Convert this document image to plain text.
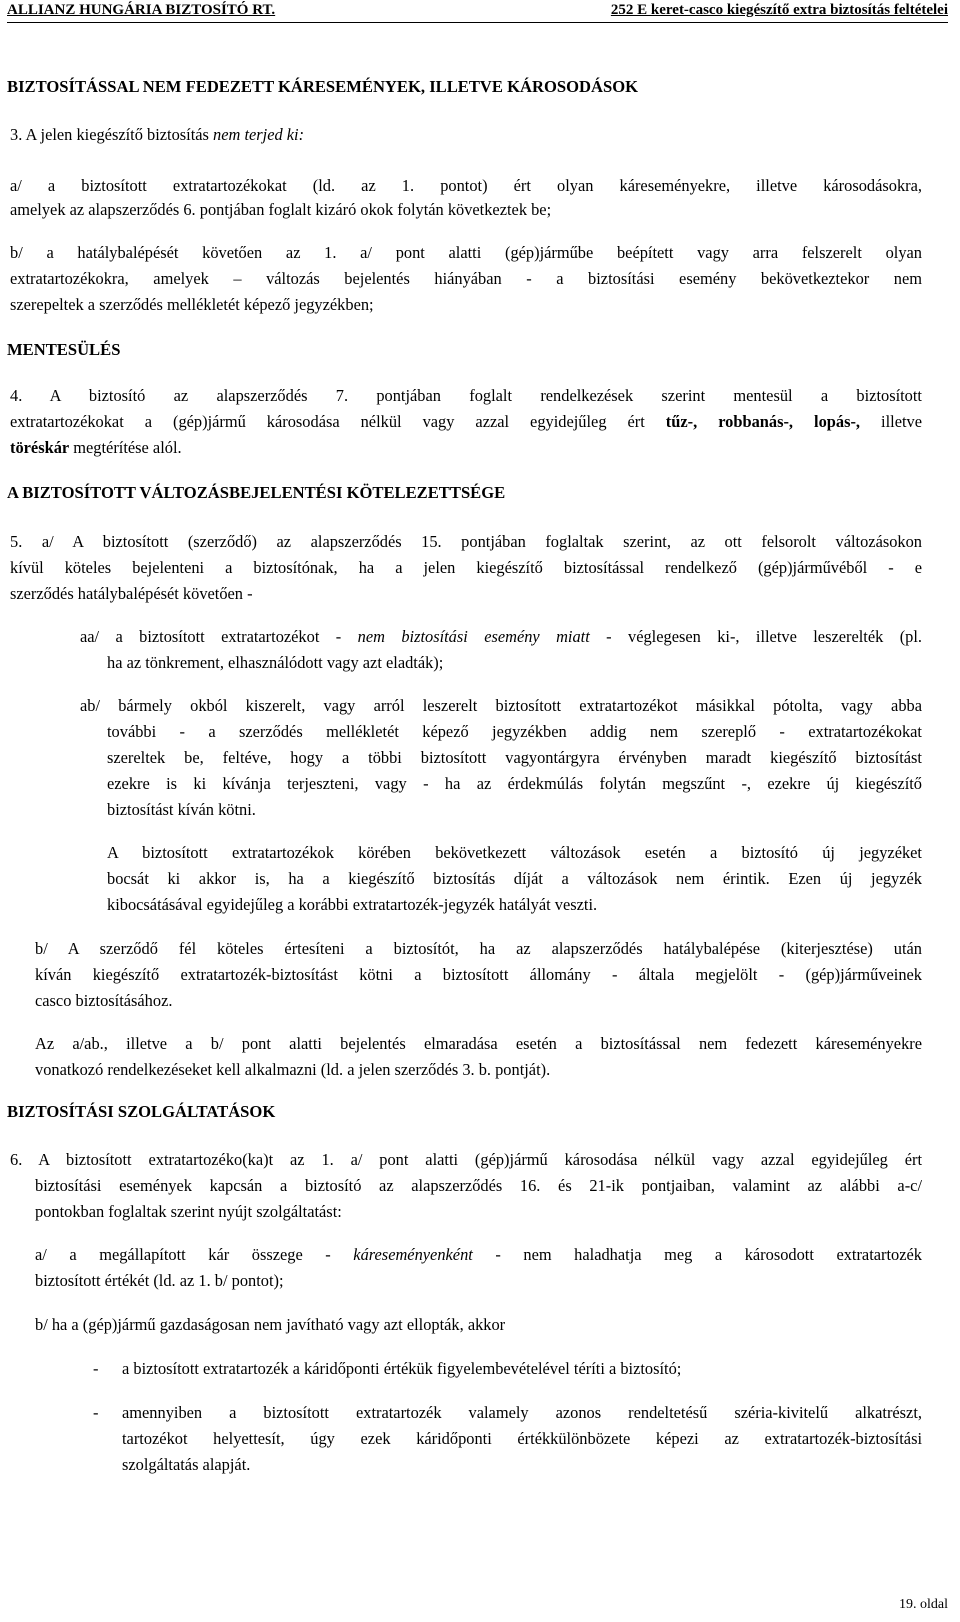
ALLIANZ HUNGÁRIA BIZTOSÍTÓ RT.	252 E keret-casco kiegészítő extra biztosítás feltételei
BIZTOSÍTÁSSAL NEM FEDEZETT KÁRESEMÉNYEK, ILLETVE KÁROSODÁSOK
3. A jelen kiegészítő biztosítás nem terjed ki:
a/ a biztosított extratartozékokat (ld. az 1. pontot) ért olyan káreseményekre, illetve károsodásokra,
amelyek az alapszerződés 6. pontjában foglalt kizáró okok folytán következtek be;
b/ a hatálybalépését követően az 1. a/ pont alatti (gép)járműbe beépített vagy arra felszerelt olyan
extratartozékokra, amelyek – változás bejelentés hiányában - a biztosítási esemény bekövetkeztekor nem
szerepeltek a szerződés mellékletét képező jegyzékben;
MENTESÜLÉS
4. A biztosító az alapszerződés 7. pontjában foglalt rendelkezések szerint mentesül a biztosított
extratartozékokat a (gép)jármű károsodása nélkül vagy azzal egyidejűleg ért tűz-, robbanás-, lopás-, illetve
töréskár megtérítése alól.
A BIZTOSÍTOTT VÁLTOZÁSBEJELENTÉSI KÖTELEZETTSÉGE
5. a/ A biztosított (szerződő) az alapszerződés 15. pontjában foglaltak szerint, az ott felsorolt változásokon
kívül köteles bejelenteni a biztosítónak, ha a jelen kiegészítő biztosítással rendelkező (gép)járművéből - e
szerződés hatálybalépését követően -
aa/ a biztosított extratartozékot - nem biztosítási esemény miatt - véglegesen ki-, illetve leszerelték (pl.
ha az tönkrement, elhasználódott vagy azt eladták);
ab/ bármely okból kiszerelt, vagy arról leszerelt biztosított extratartozékot másikkal pótolta, vagy abba
további - a szerződés mellékletét képező jegyzékben addig nem szereplő - extratartozékokat
szereltek be, feltéve, hogy a többi biztosított vagyontárgyra érvényben maradt kiegészítő biztosítást
ezekre is ki kívánja terjeszteni, vagy - ha az érdekmúlás folytán megszűnt -, ezekre új kiegészítő
biztosítást kíván kötni.
A biztosított extratartozékok körében bekövetkezett változások esetén a biztosító új jegyzéket
bocsát ki akkor is, ha a kiegészítő biztosítás díját a változások nem érintik. Ezen új jegyzék
kibocsátásával egyidejűleg a korábbi extratartozék-jegyzék hatályát veszti.
b/ A szerződő fél köteles értesíteni a biztosítót, ha az alapszerződés hatálybalépése (kiterjesztése) után
kíván kiegészítő extratartozék-biztosítást kötni a biztosított állomány - általa megjelölt - (gép)járműveinek
casco biztosításához.
Az a/ab., illetve a b/ pont alatti bejelentés elmaradása esetén a biztosítással nem fedezett káreseményekre
vonatkozó rendelkezéseket kell alkalmazni (ld. a jelen szerződés 3. b. pontját).
BIZTOSÍTÁSI SZOLGÁLTATÁSOK
6. A biztosított extratartozéko(ka)t az 1. a/ pont alatti (gép)jármű károsodása nélkül vagy azzal egyidejűleg ért
biztosítási események kapcsán a biztosító az alapszerződés 16. és 21-ik pontjaiban, valamint az alábbi a-c/
pontokban foglaltak szerint nyújt szolgáltatást:
a/ a megállapított kár összege - káreseményenként - nem haladhatja meg a károsodott extratartozék
biztosított értékét (ld. az 1. b/ pontot);
b/ ha a (gép)jármű gazdaságosan nem javítható vagy azt ellopták, akkor
- a biztosított extratartozék a káridőponti értékük figyelembevételével téríti a biztosító;
- amennyiben a biztosított extratartozék valamely azonos rendeltetésű széria-kivitelű alkatrészt,
tartozékot helyettesít, úgy ezek káridőponti értékkülönbözete képezi az extratartozék-biztosítási
szolgáltatás alapját.
19. oldal
